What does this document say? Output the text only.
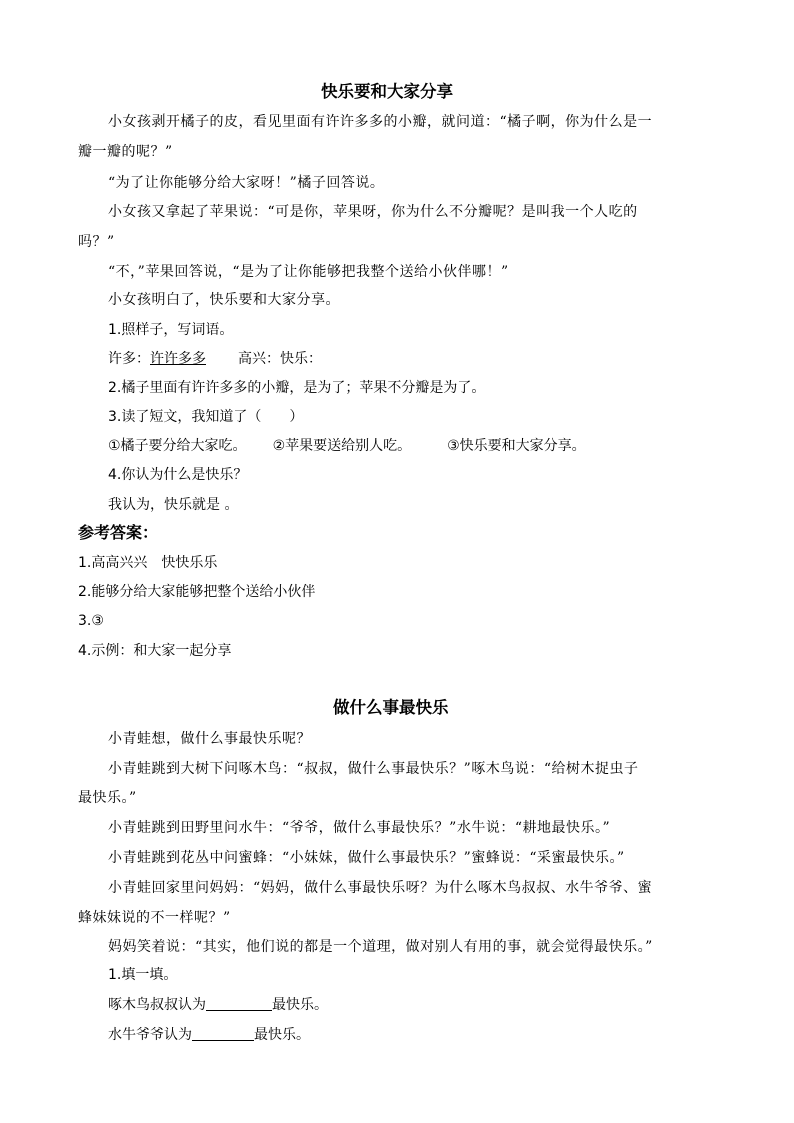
快乐要和大家分享
小女孩剥开橘子的皮，看见里面有许许多多的小瓣，就问道：“橘子啊，你为什么是一
瓣一瓣的呢？”
“为了让你能够分给大家呀！”橘子回答说。
小女孩又拿起了苹果说：“可是你，苹果呀，你为什么不分瓣呢？是叫我一个人吃的
吗？”
“不，”苹果回答说，“是为了让你能够把我整个送给小伙伴哪！”
小女孩明白了，快乐要和大家分享。
1.照样子，写词语。
许多：许许多多 高兴：快乐：
2.橘子里面有许许多多的小瓣，是为了；苹果不分瓣是为了。
3.读了短文，我知道了（　　）
①橘子要分给大家吃。 ②苹果要送给别人吃。	③快乐要和大家分享。
4.你认为什么是快乐？
我认为，快乐就是 。
参考答案：
1.高高兴兴　快快乐乐
2.能够分给大家能够把整个送给小伙伴
3.③
4.示例：和大家一起分享
做什么事最快乐
小青蛙想，做什么事最快乐呢？
小青蛙跳到大树下问啄木鸟：“叔叔，做什么事最快乐？”啄木鸟说：“给树木捉虫子
最快乐。”
小青蛙跳到田野里问水牛：“爷爷，做什么事最快乐？”水牛说：“耕地最快乐。”
小青蛙跳到花丛中问蜜蜂：“小妹妹，做什么事最快乐？”蜜蜂说：“采蜜最快乐。”
小青蛙回家里问妈妈：“妈妈，做什么事最快乐呀？为什么啄木鸟叔叔、水牛爷爷、蜜
蜂妹妹说的不一样呢？”
妈妈笑着说：“其实，他们说的都是一个道理，做对别人有用的事，就会觉得最快乐。”
1.填一填。
啄木鸟叔叔认为	最快乐。
水牛爷爷认为	最快乐。
